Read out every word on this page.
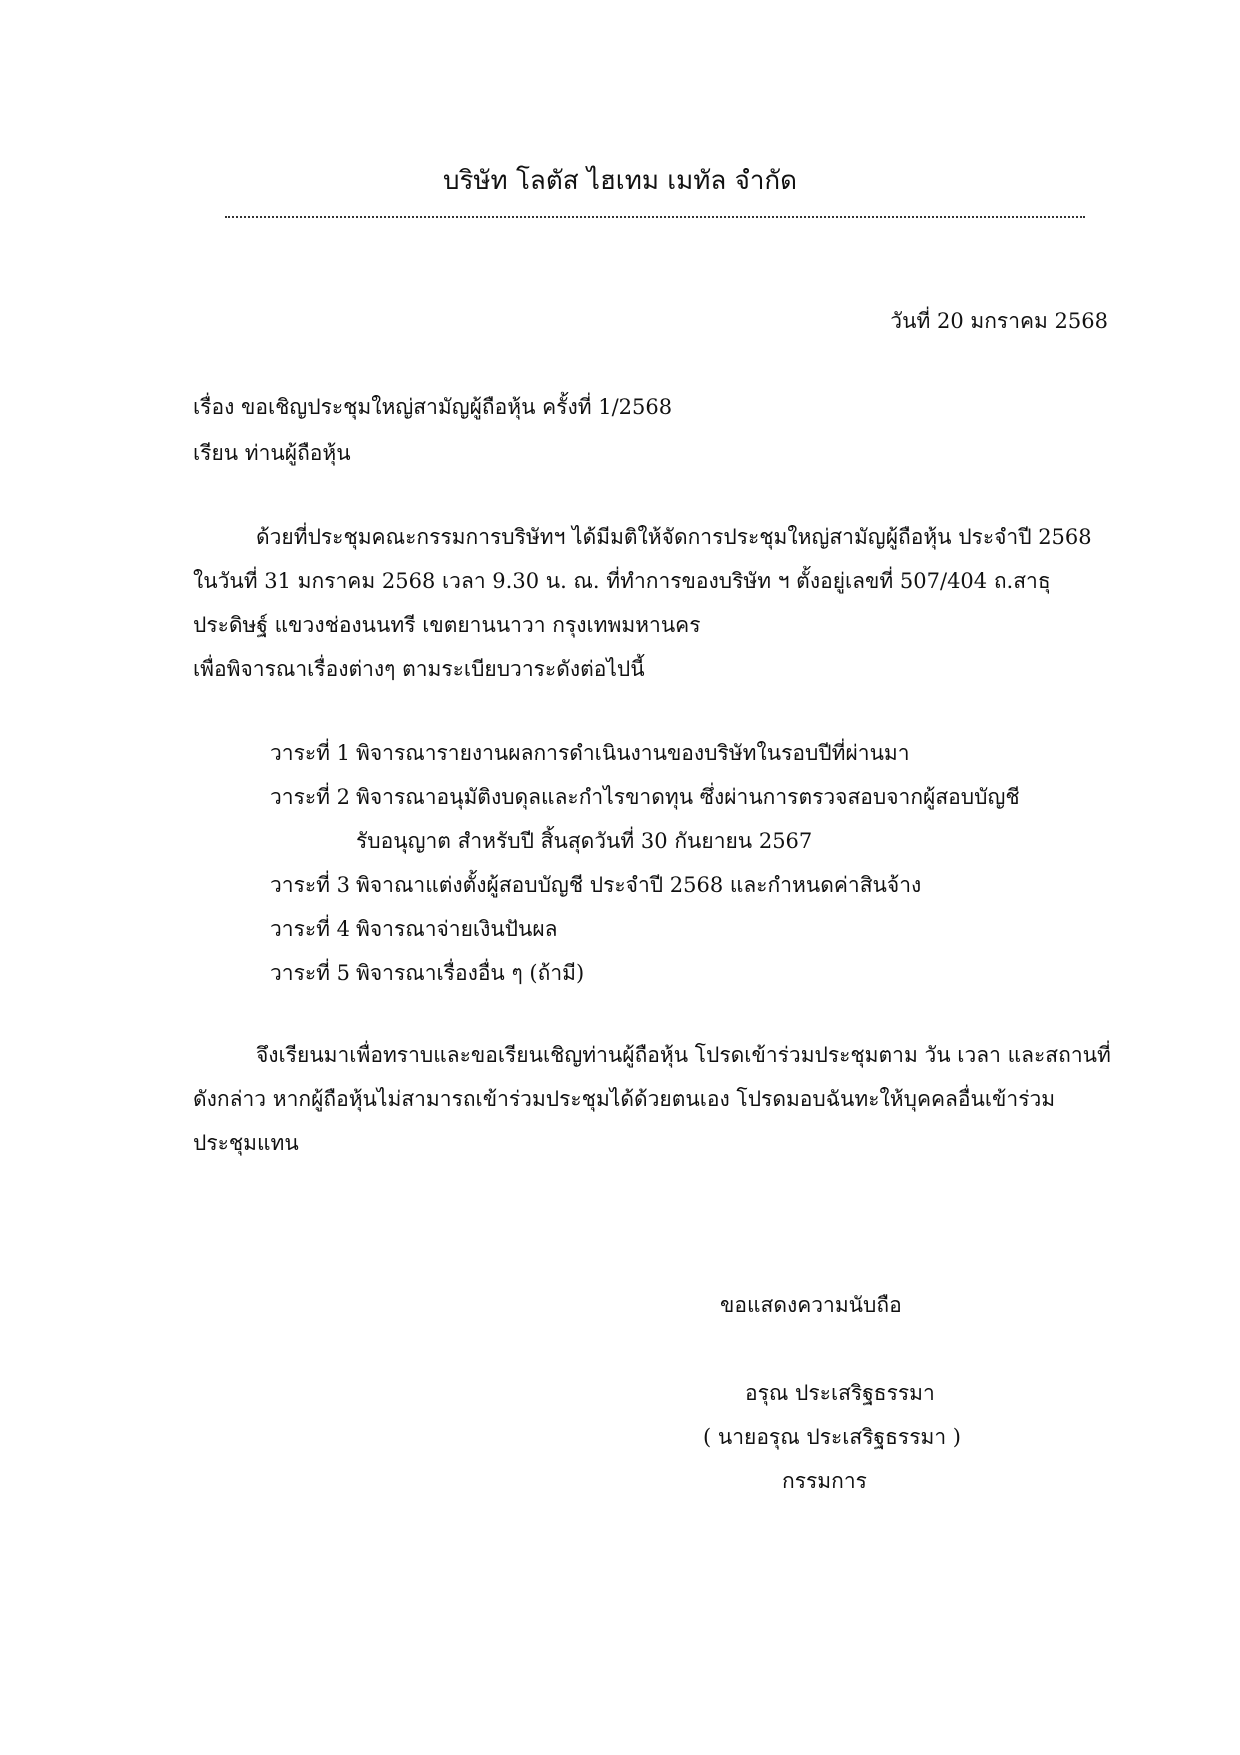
บริษัท โลตัส ไฮเทม เมทัล จำกัด
วันที่ 20 มกราคม 2568
เรื่อง ขอเชิญประชุมใหญ่สามัญผู้ถือหุ้น ครั้งที่ 1/2568
เรียน ท่านผู้ถือหุ้น
ด้วยที่ประชุมคณะกรรมการบริษัทฯ ได้มีมติให้จัดการประชุมใหญ่สามัญผู้ถือหุ้น ประจำปี 2568
ในวันที่ 31 มกราคม 2568 เวลา 9.30 น. ณ. ที่ทำการของบริษัท ฯ ตั้งอยู่เลขที่ 507/404 ถ.สาธุ
ประดิษฐ์ แขวงช่องนนทรี เขตยานนาวา กรุงเทพมหานคร
เพื่อพิจารณาเรื่องต่างๆ ตามระเบียบวาระดังต่อไปนี้
วาระที่ 1 พิจารณารายงานผลการดำเนินงานของบริษัทในรอบปีที่ผ่านมา
วาระที่ 2 พิจารณาอนุมัติงบดุลและกำไรขาดทุน ซึ่งผ่านการตรวจสอบจากผู้สอบบัญชี
รับอนุญาต สำหรับปี สิ้นสุดวันที่ 30 กันยายน 2567
วาระที่ 3 พิจาณาแต่งตั้งผู้สอบบัญชี ประจำปี 2568 และกำหนดค่าสินจ้าง
วาระที่ 4 พิจารณาจ่ายเงินปันผล
วาระที่ 5 พิจารณาเรื่องอื่น ๆ (ถ้ามี)
จึงเรียนมาเพื่อทราบและขอเรียนเชิญท่านผู้ถือหุ้น โปรดเข้าร่วมประชุมตาม วัน เวลา และสถานที่
ดังกล่าว หากผู้ถือหุ้นไม่สามารถเข้าร่วมประชุมได้ด้วยตนเอง โปรดมอบฉันทะให้บุคคลอื่นเข้าร่วม
ประชุมแทน
ขอแสดงความนับถือ
อรุณ ประเสริฐธรรมา
( นายอรุณ ประเสริฐธรรมา )
กรรมการ
